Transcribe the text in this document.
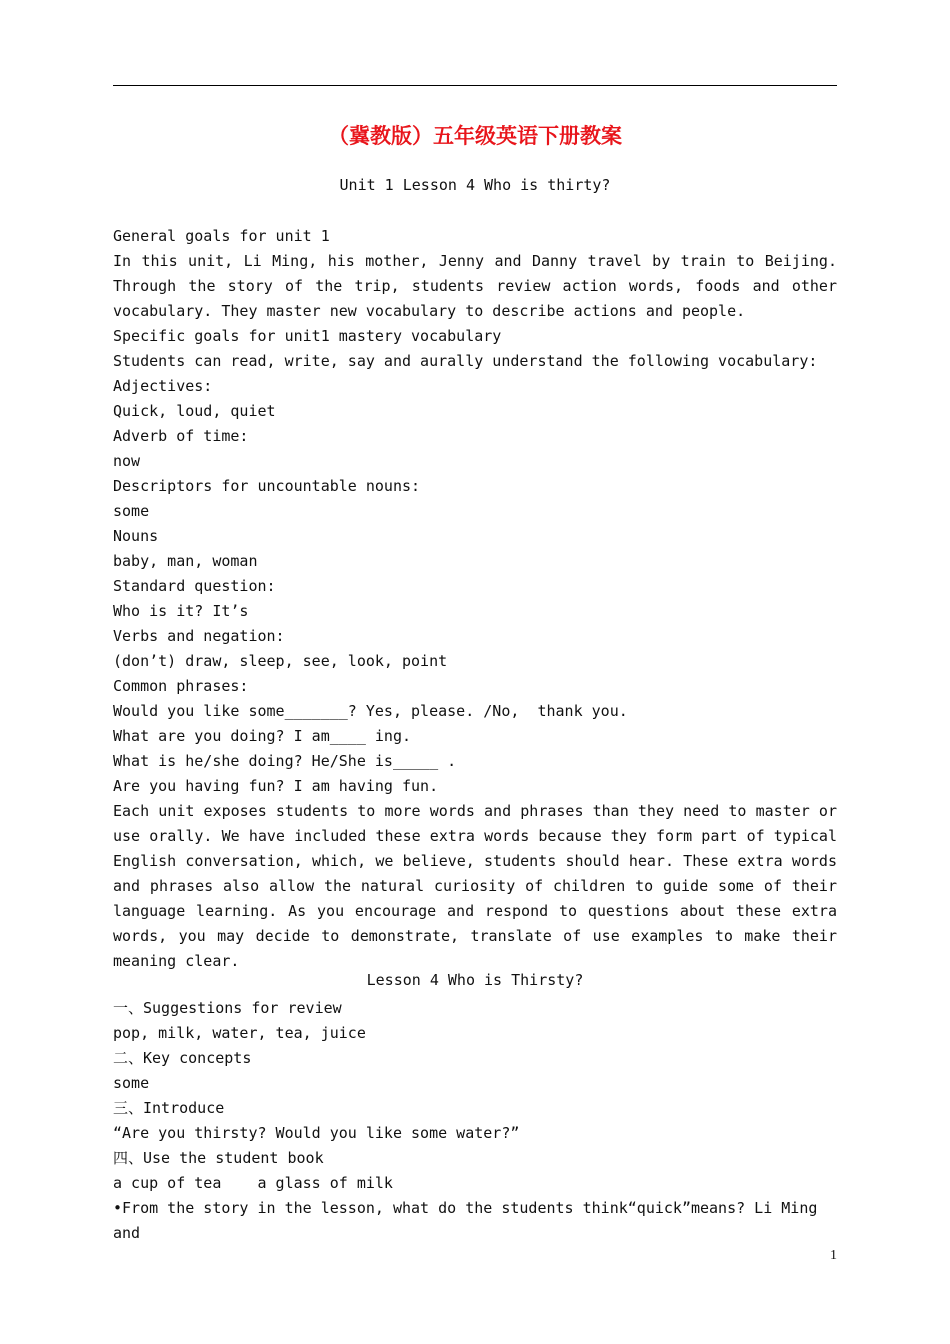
（冀教版）五年级英语下册教案
Unit 1 Lesson 4 Who is thirty?

General goals for unit 1

In this unit, Li Ming, his mother, Jenny and Danny travel by train to Beijing. Through the story of the trip, students review action words, foods and other vocabulary. They master new vocabulary to describe actions and people.

Specific goals for unit1 mastery vocabulary

Students can read, write, say and aurally understand the following vocabulary:

Adjectives:

Quick, loud, quiet

Adverb of time:

now

Descriptors for uncountable nouns:

some

Nouns

baby, man, woman

Standard question:

Who is it? It’s

Verbs and negation:

(don’t) draw, sleep, see, look, point

Common phrases:

Would you like some_______? Yes, please. /No,  thank you.

What are you doing? I am____ ing.

What is he/she doing? He/She is_____ .

Are you having fun? I am having fun.

Each unit exposes students to more words and phrases than they need to master or use orally. We have included these extra words because they form part of typical English conversation, which, we believe, students should hear. These extra words and phrases also allow the natural curiosity of children to guide some of their language learning. As you encourage and respond to questions about these extra words, you may decide to demonstrate, translate of use examples to make their meaning clear.

Lesson 4 Who is Thirsty?

一、Suggestions for review

pop, milk, water, tea, juice

二、Key concepts

some

三、Introduce

“Are you thirsty? Would you like some water?”

四、Use the student book

a cup of tea    a glass of milk

•From the story in the lesson, what do the students think“quick”means? Li Ming and

1
